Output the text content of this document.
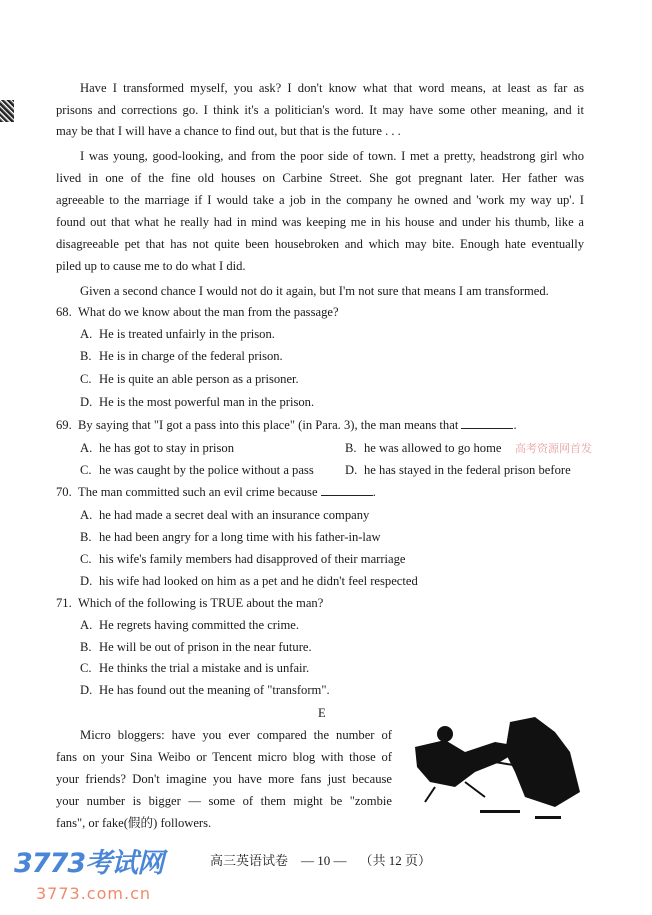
高考资源网首发
Have I transformed myself, you ask? I don't know what that word means, at least as far as
prisons and corrections go. I think it's a politician's word. It may have some other meaning, and it
may be that I will have a chance to find out, but that is the future . . .
I was young, good-looking, and from the poor side of town. I met a pretty, headstrong girl who
lived in one of the fine old houses on Carbine Street. She got pregnant later. Her father was
agreeable to the marriage if I would take a job in the company he owned and 'work my way up'. I
found out that what he really had in mind was keeping me in his house and under his thumb, like a
disagreeable pet that has not quite been housebroken and which may bite. Enough hate eventually
piled up to cause me to do what I did.
Given a second chance I would not do it again, but I'm not sure that means I am transformed.
68. What do we know about the man from the passage?
A. He is treated unfairly in the prison.
B. He is in charge of the federal prison.
C. He is quite an able person as a prisoner.
D. He is the most powerful man in the prison.
69. By saying that "I got a pass into this place" (in Para. 3), the man means that	.
A. he has got to stay in prison	B. he was allowed to go home
C. he was caught by the police without a pass D. he has stayed in the federal prison before
70. The man committed such an evil crime because	.
A. he had made a secret deal with an insurance company
B. he had been angry for a long time with his father-in-law
C. his wife's family members had disapproved of their marriage
D. his wife had looked on him as a pet and he didn't feel respected
71. Which of the following is TRUE about the man?
A. He regrets having committed the crime.
B. He will be out of prison in the near future.
C. He thinks the trial a mistake and is unfair.
D. He has found out the meaning of "transform".
E
Micro bloggers: have you ever compared the number of
fans on your Sina Weibo or Tencent micro blog with those of
your friends? Don't imagine you have more fans just because
your number is bigger — some of them might be "zombie
fans", or fake(假的) followers.
3773考试网
3773.com.cn
高三英语试卷    — 10 —    （共 12 页）
